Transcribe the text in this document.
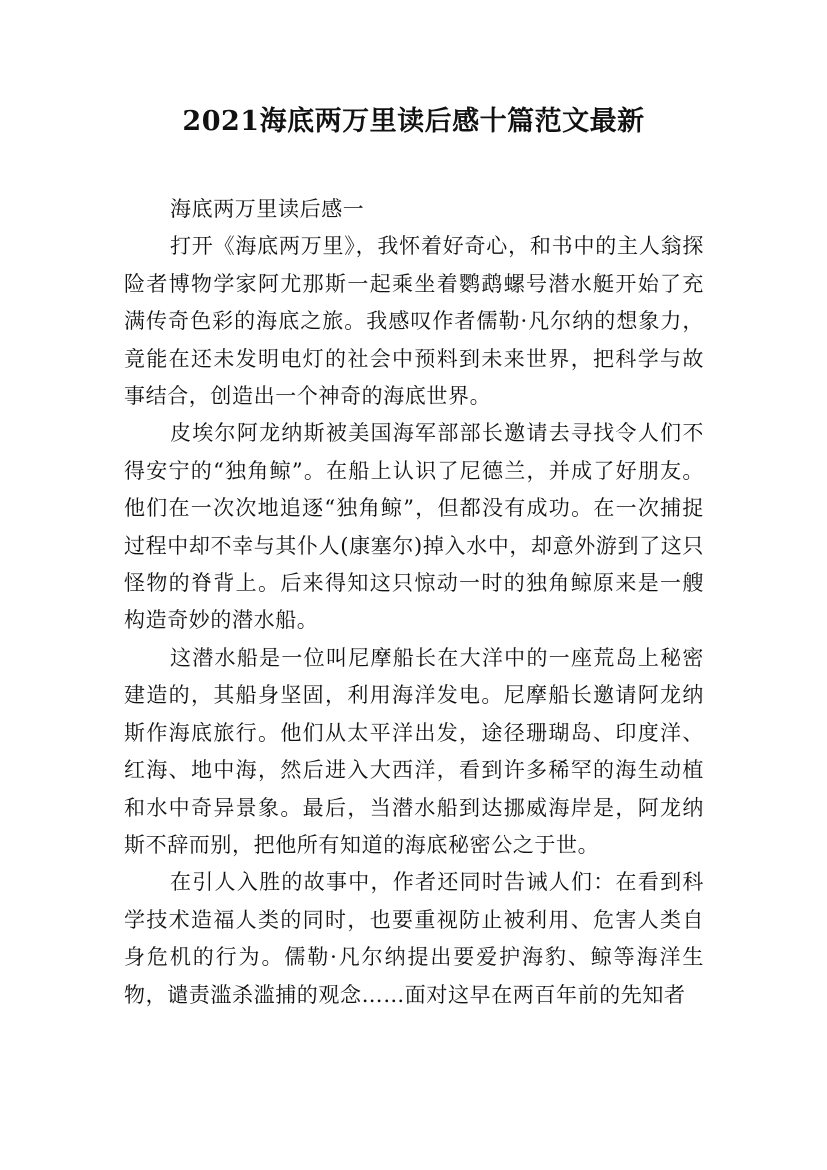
2021海底两万里读后感十篇范文最新

海底两万里读后感一

打开《海底两万里》，我怀着好奇心，和书中的主人翁探险者博物学家阿尤那斯一起乘坐着鹦鹉螺号潜水艇开始了充满传奇色彩的海底之旅。我感叹作者儒勒·凡尔纳的想象力，竟能在还未发明电灯的社会中预料到未来世界，把科学与故事结合，创造出一个神奇的海底世界。

皮埃尔阿龙纳斯被美国海军部部长邀请去寻找令人们不得安宁的“独角鲸”。在船上认识了尼德兰，并成了好朋友。他们在一次次地追逐“独角鲸”，但都没有成功。在一次捕捉过程中却不幸与其仆人(康塞尔)掉入水中，却意外游到了这只怪物的脊背上。后来得知这只惊动一时的独角鲸原来是一艘构造奇妙的潜水船。

这潜水船是一位叫尼摩船长在大洋中的一座荒岛上秘密建造的，其船身坚固，利用海洋发电。尼摩船长邀请阿龙纳斯作海底旅行。他们从太平洋出发，途径珊瑚岛、印度洋、红海、地中海，然后进入大西洋，看到许多稀罕的海生动植和水中奇异景象。最后，当潜水船到达挪威海岸是，阿龙纳斯不辞而别，把他所有知道的海底秘密公之于世。

在引人入胜的故事中，作者还同时告诫人们：在看到科学技术造福人类的同时，也要重视防止被利用、危害人类自身危机的行为。儒勒·凡尔纳提出要爱护海豹、鲸等海洋生物，谴责滥杀滥捕的观念……面对这早在两百年前的先知者
